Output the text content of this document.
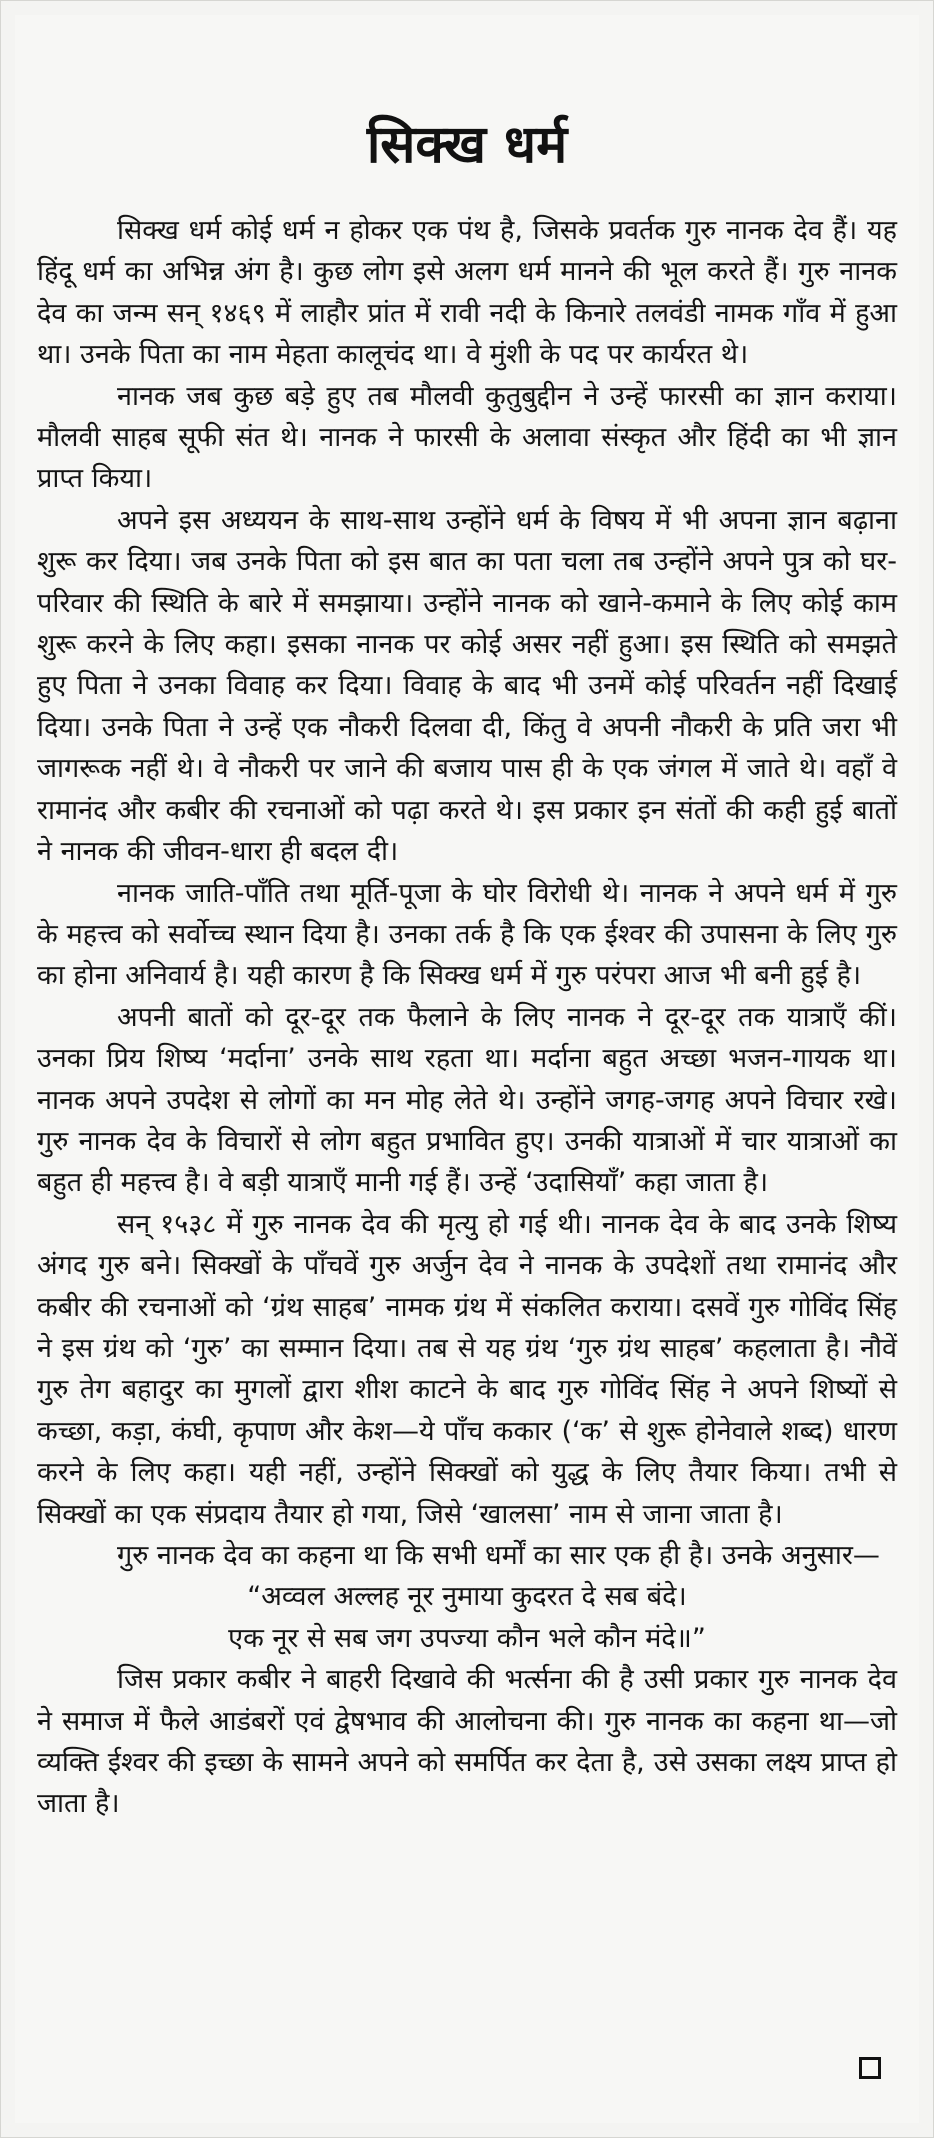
सिक्ख धर्म

सिक्ख धर्म कोई धर्म न होकर एक पंथ है, जिसके प्रवर्तक गुरु नानक देव हैं। यह हिंदू धर्म का अभिन्न अंग है। कुछ लोग इसे अलग धर्म मानने की भूल करते हैं। गुरु नानक देव का जन्म सन् १४६९ में लाहौर प्रांत में रावी नदी के किनारे तलवंडी नामक गाँव में हुआ था। उनके पिता का नाम मेहता कालूचंद था। वे मुंशी के पद पर कार्यरत थे।

नानक जब कुछ बड़े हुए तब मौलवी कुतुबुद्दीन ने उन्हें फारसी का ज्ञान कराया। मौलवी साहब सूफी संत थे। नानक ने फारसी के अलावा संस्कृत और हिंदी का भी ज्ञान प्राप्त किया।

अपने इस अध्ययन के साथ-साथ उन्होंने धर्म के विषय में भी अपना ज्ञान बढ़ाना शुरू कर दिया। जब उनके पिता को इस बात का पता चला तब उन्होंने अपने पुत्र को घर-परिवार की स्थिति के बारे में समझाया। उन्होंने नानक को खाने-कमाने के लिए कोई काम शुरू करने के लिए कहा। इसका नानक पर कोई असर नहीं हुआ। इस स्थिति को समझते हुए पिता ने उनका विवाह कर दिया। विवाह के बाद भी उनमें कोई परिवर्तन नहीं दिखाई दिया। उनके पिता ने उन्हें एक नौकरी दिलवा दी, किंतु वे अपनी नौकरी के प्रति जरा भी जागरूक नहीं थे। वे नौकरी पर जाने की बजाय पास ही के एक जंगल में जाते थे। वहाँ वे रामानंद और कबीर की रचनाओं को पढ़ा करते थे। इस प्रकार इन संतों की कही हुई बातों ने नानक की जीवन-धारा ही बदल दी।

नानक जाति-पाँति तथा मूर्ति-पूजा के घोर विरोधी थे। नानक ने अपने धर्म में गुरु के महत्त्व को सर्वोच्च स्थान दिया है। उनका तर्क है कि एक ईश्वर की उपासना के लिए गुरु का होना अनिवार्य है। यही कारण है कि सिक्ख धर्म में गुरु परंपरा आज भी बनी हुई है।

अपनी बातों को दूर-दूर तक फैलाने के लिए नानक ने दूर-दूर तक यात्राएँ कीं। उनका प्रिय शिष्य ‘मर्दाना’ उनके साथ रहता था। मर्दाना बहुत अच्छा भजन-गायक था। नानक अपने उपदेश से लोगों का मन मोह लेते थे। उन्होंने जगह-जगह अपने विचार रखे। गुरु नानक देव के विचारों से लोग बहुत प्रभावित हुए। उनकी यात्राओं में चार यात्राओं का बहुत ही महत्त्व है। वे बड़ी यात्राएँ मानी गई हैं। उन्हें ‘उदासियाँ’ कहा जाता है।

सन् १५३८ में गुरु नानक देव की मृत्यु हो गई थी। नानक देव के बाद उनके शिष्य अंगद गुरु बने। सिक्खों के पाँचवें गुरु अर्जुन देव ने नानक के उपदेशों तथा रामानंद और कबीर की रचनाओं को ‘ग्रंथ साहब’ नामक ग्रंथ में संकलित कराया। दसवें गुरु गोविंद सिंह ने इस ग्रंथ को ‘गुरु’ का सम्मान दिया। तब से यह ग्रंथ ‘गुरु ग्रंथ साहब’ कहलाता है। नौवें गुरु तेग बहादुर का मुगलों द्वारा शीश काटने के बाद गुरु गोविंद सिंह ने अपने शिष्यों से कच्छा, कड़ा, कंघी, कृपाण और केश—ये पाँच ककार (‘क’ से शुरू होनेवाले शब्द) धारण करने के लिए कहा। यही नहीं, उन्होंने सिक्खों को युद्ध के लिए तैयार किया। तभी से सिक्खों का एक संप्रदाय तैयार हो गया, जिसे ‘खालसा’ नाम से जाना जाता है।

गुरु नानक देव का कहना था कि सभी धर्मों का सार एक ही है। उनके अनुसार—

“अव्वल अल्लह नूर नुमाया कुदरत दे सब बंदे।

एक नूर से सब जग उपज्या कौन भले कौन मंदे॥”

जिस प्रकार कबीर ने बाहरी दिखावे की भर्त्सना की है उसी प्रकार गुरु नानक देव ने समाज में फैले आडंबरों एवं द्वेषभाव की आलोचना की। गुरु नानक का कहना था—जो व्यक्ति ईश्वर की इच्छा के सामने अपने को समर्पित कर देता है, उसे उसका लक्ष्य प्राप्त हो जाता है।
